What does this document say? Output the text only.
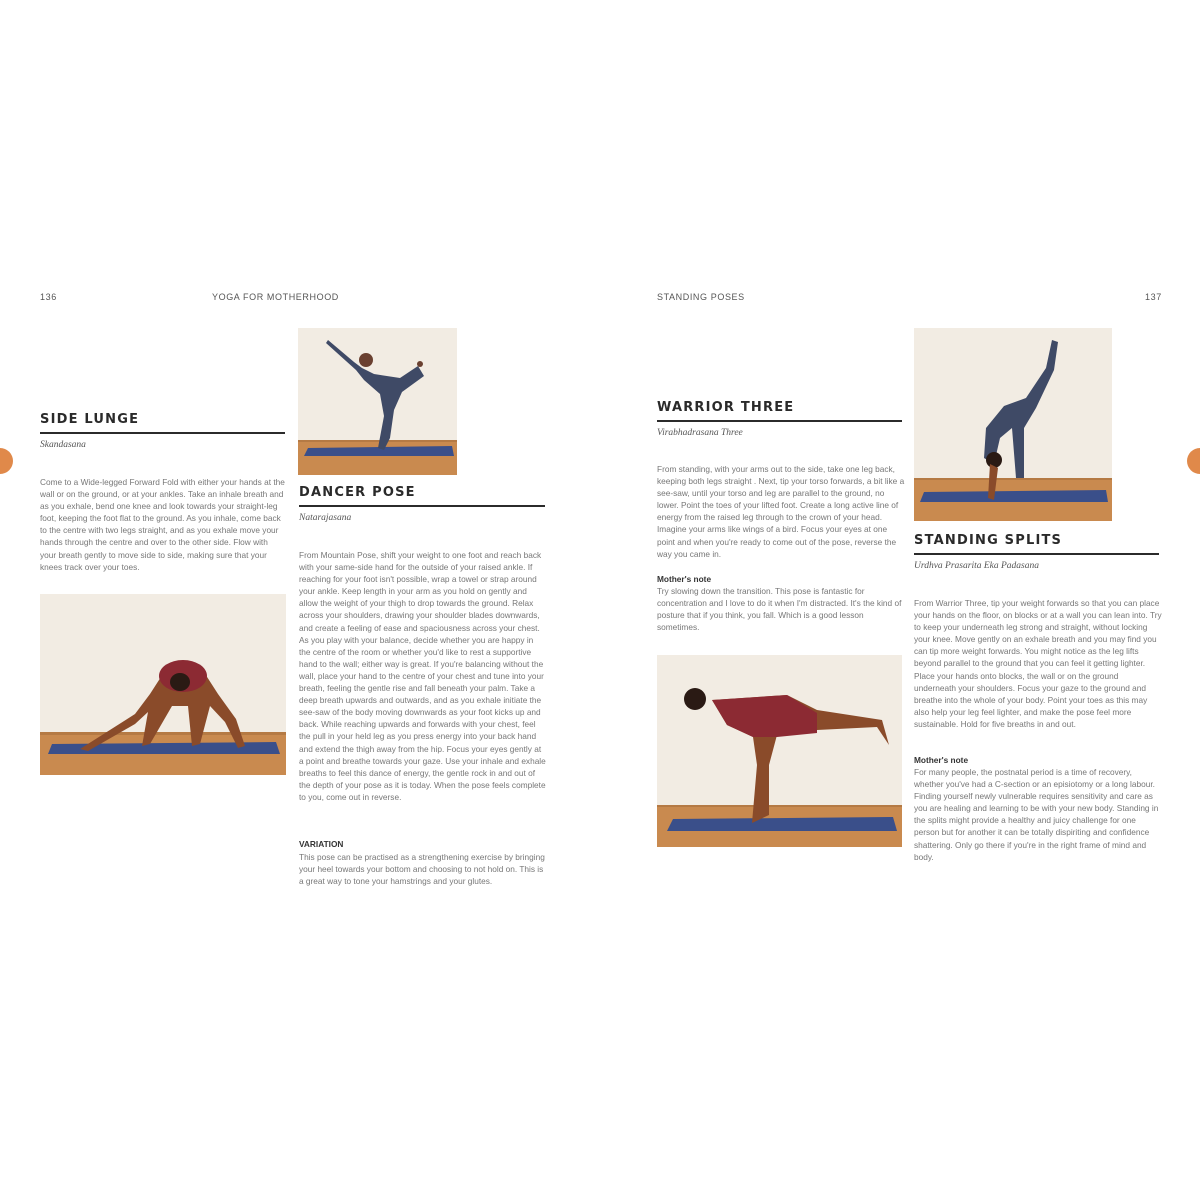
136	YOGA FOR MOTHERHOOD
SIDE LUNGE
Skandasana

Come to a Wide-legged Forward Fold with either your hands at the wall or on the ground, or at your ankles. Take an inhale breath and as you exhale, bend one knee and look towards your straight-leg foot, keeping the foot flat to the ground. As you inhale, come back to the centre with two legs straight, and as you exhale move your hands through the centre and over to the other side. Flow with your breath gently to move side to side, making sure that your knees track over your toes.

DANCER POSE
Natarajasana

From Mountain Pose, shift your weight to one foot and reach back with your same-side hand for the outside of your raised ankle. If reaching for your foot isn't possible, wrap a towel or strap around your ankle. Keep length in your arm as you hold on gently and allow the weight of your thigh to drop towards the ground. Relax across your shoulders, drawing your shoulder blades downwards, and create a feeling of ease and spaciousness across your chest. As you play with your balance, decide whether you are happy in the centre of the room or whether you'd like to rest a supportive hand to the wall; either way is great. If you're balancing without the wall, place your hand to the centre of your chest and tune into your breath, feeling the gentle rise and fall beneath your palm. Take a deep breath upwards and outwards, and as you exhale initiate the see-saw of the body moving downwards as your foot kicks up and back. While reaching upwards and forwards with your chest, feel the pull in your held leg as you press energy into your back hand and extend the thigh away from the hip. Focus your eyes gently at a point and breathe towards your gaze. Use your inhale and exhale breaths to feel this dance of energy, the gentle rock in and out of the depth of your pose as it is today. When the pose feels complete to you, come out in reverse.

VARIATION

This pose can be practised as a strengthening exercise by bringing your heel towards your bottom and choosing to not hold on. This is a great way to tone your hamstrings and your glutes.

STANDING POSES	137
WARRIOR THREE
Virabhadrasana Three

From standing, with your arms out to the side, take one leg back, keeping both legs straight . Next, tip your torso forwards, a bit like a see-saw, until your torso and leg are parallel to the ground, no lower. Point the toes of your lifted foot. Create a long active line of energy from the raised leg through to the crown of your head. Imagine your arms like wings of a bird. Focus your eyes at one point and when you're ready to come out of the pose, reverse the way you came in.

Mother's note

Try slowing down the transition. This pose is fantastic for concentration and I love to do it when I'm distracted. It's the kind of posture that if you think, you fall. Which is a good lesson sometimes.

STANDING SPLITS
Urdhva Prasarita Eka Padasana

From Warrior Three, tip your weight forwards so that you can place your hands on the floor, on blocks or at a wall you can lean into. Try to keep your underneath leg strong and straight, without locking your knee. Move gently on an exhale breath and you may find you can tip more weight forwards. You might notice as the leg lifts beyond parallel to the ground that you can feel it getting lighter. Place your hands onto blocks, the wall or on the ground underneath your shoulders. Focus your gaze to the ground and breathe into the whole of your body. Point your toes as this may also help your leg feel lighter, and make the pose feel more sustainable. Hold for five breaths in and out.

Mother's note

For many people, the postnatal period is a time of recovery, whether you've had a C-section or an episiotomy or a long labour. Finding yourself newly vulnerable requires sensitivity and care as you are healing and learning to be with your new body. Standing in the splits might provide a healthy and juicy challenge for one person but for another it can be totally dispiriting and confidence shattering. Only go there if you're in the right frame of mind and body.
